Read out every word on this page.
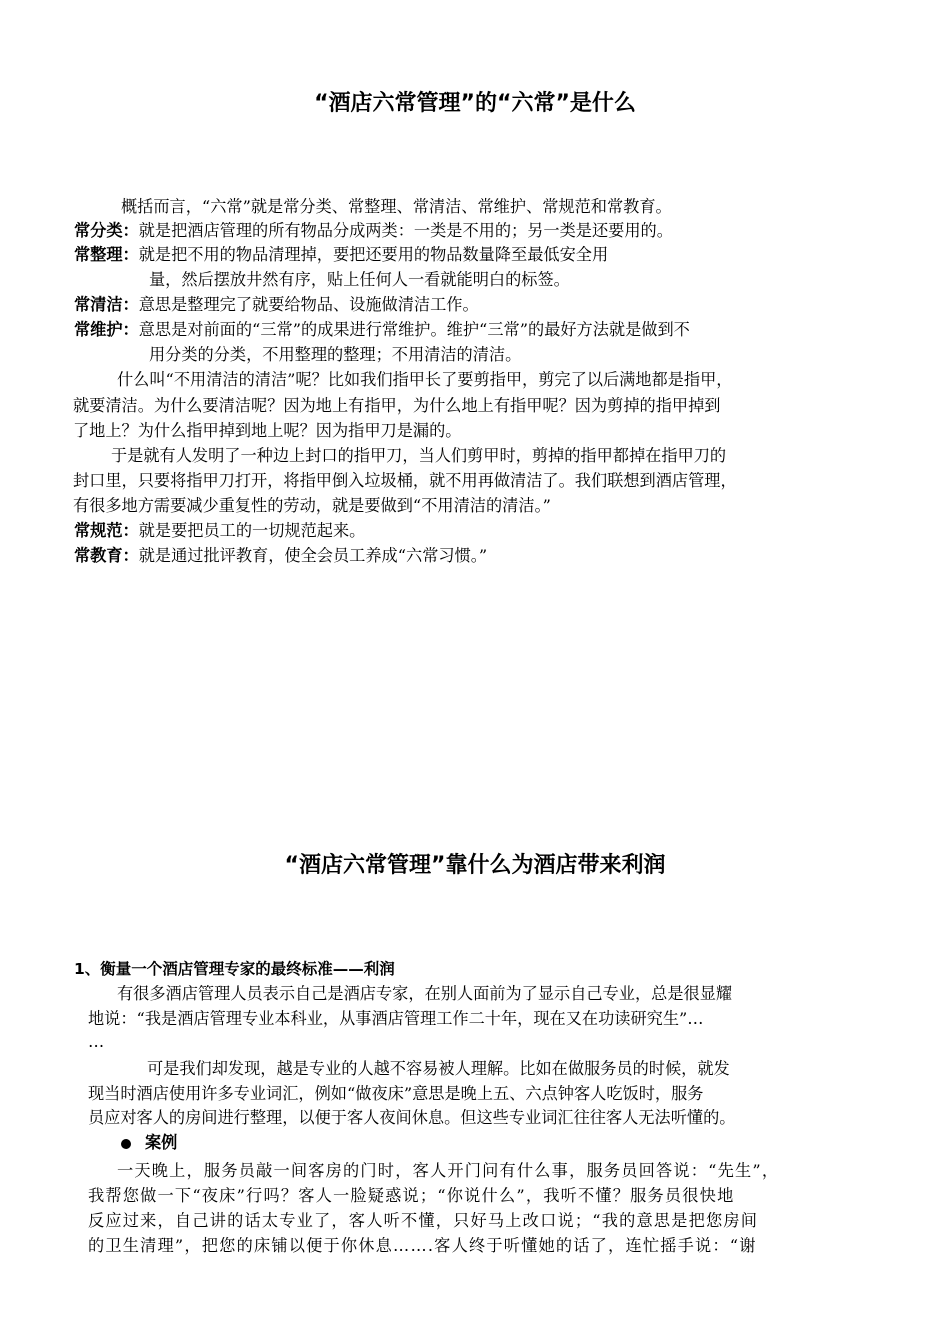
“酒店六常管理”的“六常”是什么
概括而言，“六常”就是常分类、常整理、常清洁、常维护、常规范和常教育。
常分类：就是把酒店管理的所有物品分成两类：一类是不用的；另一类是还要用的。
常整理：就是把不用的物品清理掉，要把还要用的物品数量降至最低安全用
量，然后摆放井然有序，贴上任何人一看就能明白的标签。
常清洁：意思是整理完了就要给物品、设施做清洁工作。
常维护：意思是对前面的“三常”的成果进行常维护。维护“三常”的最好方法就是做到不
用分类的分类，不用整理的整理；不用清洁的清洁。
什么叫“不用清洁的清洁”呢？比如我们指甲长了要剪指甲，剪完了以后满地都是指甲，
就要清洁。为什么要清洁呢？因为地上有指甲，为什么地上有指甲呢？因为剪掉的指甲掉到
了地上？为什么指甲掉到地上呢？因为指甲刀是漏的。
于是就有人发明了一种边上封口的指甲刀，当人们剪甲时，剪掉的指甲都掉在指甲刀的
封口里，只要将指甲刀打开，将指甲倒入垃圾桶，就不用再做清洁了。我们联想到酒店管理，
有很多地方需要减少重复性的劳动，就是要做到“不用清洁的清洁。”
常规范：就是要把员工的一切规范起来。
常教育：就是通过批评教育，使全会员工养成“六常习惯。”
“酒店六常管理”靠什么为酒店带来利润
1、衡量一个酒店管理专家的最终标准——利润
有很多酒店管理人员表示自己是酒店专家，在别人面前为了显示自己专业，总是很显耀
地说：“我是酒店管理专业本科业，从事酒店管理工作二十年，现在又在功读研究生”…
…
可是我们却发现，越是专业的人越不容易被人理解。比如在做服务员的时候，就发
现当时酒店使用许多专业词汇，例如“做夜床”意思是晚上五、六点钟客人吃饭时，服务
员应对客人的房间进行整理，以便于客人夜间休息。但这些专业词汇往往客人无法听懂的。
案例
一天晚上，服务员敲一间客房的门时，客人开门问有什么事，服务员回答说：“先生”，
我帮您做一下“夜床”行吗？客人一脸疑惑说；“你说什么”，我听不懂？服务员很快地
反应过来，自己讲的话太专业了，客人听不懂，只好马上改口说；“我的意思是把您房间
的卫生清理”，把您的床铺以便于你休息…….客人终于听懂她的话了，连忙摇手说：“谢
